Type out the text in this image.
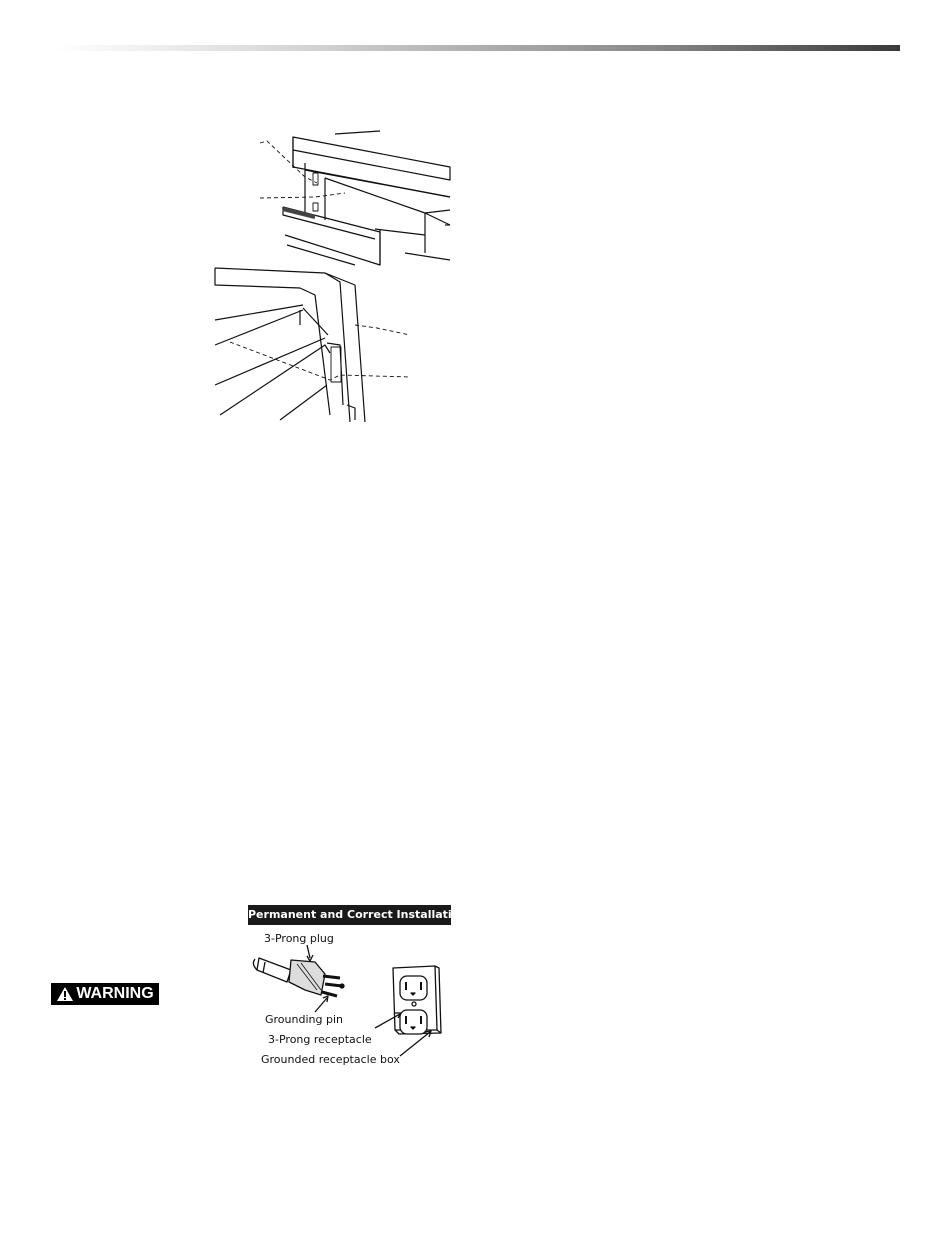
WARNING
Permanent and Correct Installation
3-Prong plug
Grounding pin
3-Prong receptacle
Grounded receptacle box
